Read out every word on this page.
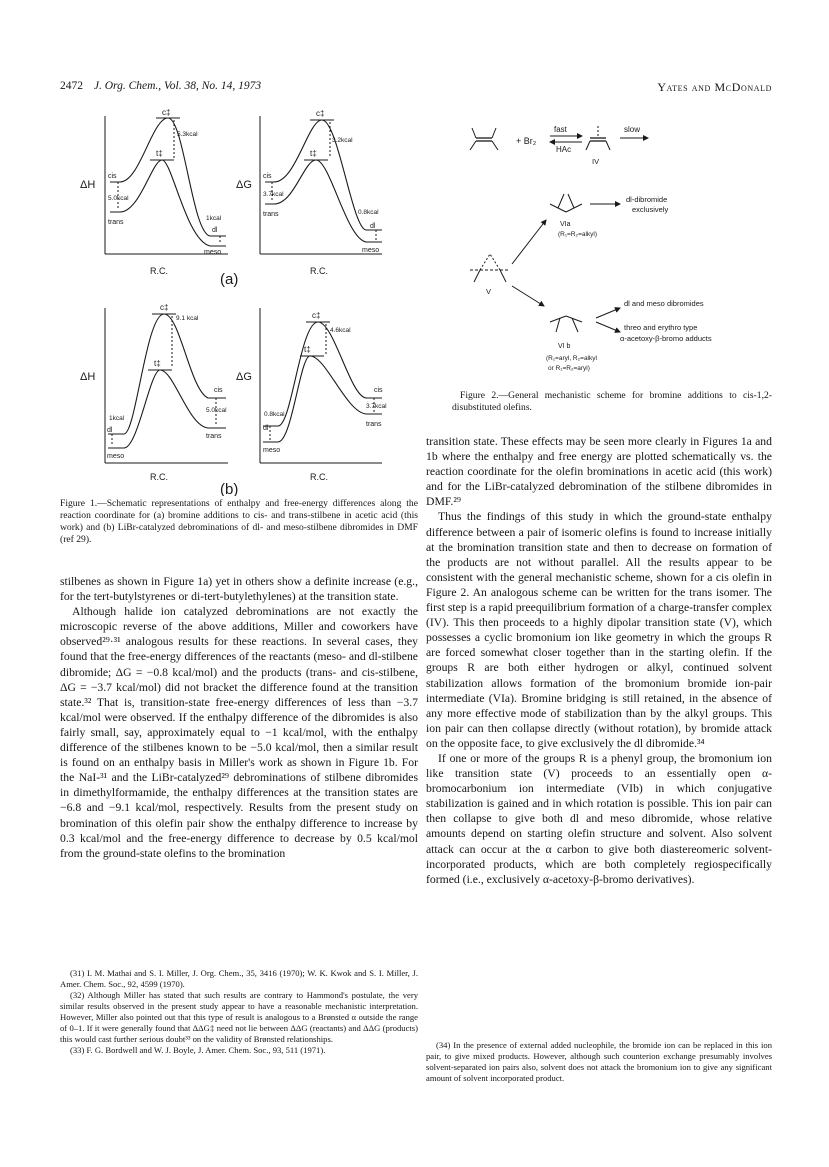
2472 J. Org. Chem., Vol. 38, No. 14, 1973	Yates and McDonald
ΔH
R.C.
c‡
t‡
5.3kcal
cis
5.0kcal
trans
1kcal
dl
meso
ΔG
R.C.
c‡
t‡
3.2kcal
cis
3.7kcal
trans	0.8kcal
dl
meso
(a)
ΔH
R.C.
c‡
t‡
9.1 kcal
1kcal
dl
meso
cis
5.0kcal
trans
ΔG
R.C.
c‡
t‡
4.6kcal
0.8kcal
dl
meso
cis
3.7kcal
trans
(b)
Figure 1.—Schematic representations of enthalpy and free-energy differences along the reaction coordinate for (a) bromine additions to cis- and trans-stilbene in acetic acid (this work) and (b) LiBr-catalyzed debrominations of dl- and meso-stilbene dibromides in DMF (ref 29).
+ Br₂
fast
HAc
slow
IV
VIa
(R₁=R₂=alkyl)
dl-dibromide
exclusively
V
VI b
(R₁=aryl, R₂=alkyl
or R₁=R₂=aryl)
dl and meso dibromides
threo and erythro type
α-acetoxy-β-bromo adducts
Figure 2.—General mechanistic scheme for bromine additions to cis-1,2-disubstituted olefins.

stilbenes as shown in Figure 1a) yet in others show a definite increase (e.g., for the tert-butylstyrenes or di-tert-butylethylenes) at the transition state.

Although halide ion catalyzed debrominations are not exactly the microscopic reverse of the above additions, Miller and coworkers have observed²⁹·³¹ analogous results for these reactions. In several cases, they found that the free-energy differences of the reactants (meso- and dl-stilbene dibromide; ΔG = −0.8 kcal/mol) and the products (trans- and cis-stilbene, ΔG = −3.7 kcal/mol) did not bracket the difference found at the transition state.³² That is, transition-state free-energy differences of less than −3.7 kcal/mol were observed. If the enthalpy difference of the dibromides is also fairly small, say, approximately equal to −1 kcal/mol, with the enthalpy difference of the stilbenes known to be −5.0 kcal/mol, then a similar result is found on an enthalpy basis in Miller's work as shown in Figure 1b. For the NaI-³¹ and the LiBr-catalyzed²⁹ debrominations of stilbene dibromides in dimethylformamide, the enthalpy differences at the transition states are −6.8 and −9.1 kcal/mol, respectively. Results from the present study on bromination of this olefin pair show the enthalpy difference to increase by 0.3 kcal/mol and the free-energy difference to decrease by 0.5 kcal/mol from the ground-state olefins to the bromination

(31) I. M. Mathai and S. I. Miller, J. Org. Chem., 35, 3416 (1970); W. K. Kwok and S. I. Miller, J. Amer. Chem. Soc., 92, 4599 (1970).

(32) Although Miller has stated that such results are contrary to Hammond's postulate, the very similar results observed in the present study appear to have a reasonable mechanistic interpretation. However, Miller also pointed out that this type of result is analogous to a Brønsted α outside the range of 0–1. If it were generally found that ΔΔG‡ need not lie between ΔΔG (reactants) and ΔΔG (products) this would cast further serious doubt³³ on the validity of Brønsted relationships.

(33) F. G. Bordwell and W. J. Boyle, J. Amer. Chem. Soc., 93, 511 (1971).

transition state. These effects may be seen more clearly in Figures 1a and 1b where the enthalpy and free energy are plotted schematically vs. the reaction coordinate for the olefin brominations in acetic acid (this work) and for the LiBr-catalyzed debromination of the stilbene dibromides in DMF.²⁹

Thus the findings of this study in which the ground-state enthalpy difference between a pair of isomeric olefins is found to increase initially at the bromination transition state and then to decrease on formation of the products are not without parallel. All the results appear to be consistent with the general mechanistic scheme, shown for a cis olefin in Figure 2. An analogous scheme can be written for the trans isomer. The first step is a rapid preequilibrium formation of a charge-transfer complex (IV). This then proceeds to a highly dipolar transition state (V), which possesses a cyclic bromonium ion like geometry in which the groups R are forced somewhat closer together than in the starting olefin. If the groups R are both either hydrogen or alkyl, continued solvent stabilization allows formation of the bromonium bromide ion-pair intermediate (VIa). Bromine bridging is still retained, in the absence of any more effective mode of stabilization than by the alkyl groups. This ion pair can then collapse directly (without rotation), by bromide attack on the opposite face, to give exclusively the dl dibromide.³⁴

If one or more of the groups R is a phenyl group, the bromonium ion like transition state (V) proceeds to an essentially open α-bromocarbonium ion intermediate (VIb) in which conjugative stabilization is gained and in which rotation is possible. This ion pair can then collapse to give both dl and meso dibromide, whose relative amounts depend on starting olefin structure and solvent. Also solvent attack can occur at the α carbon to give both diastereomeric solvent-incorporated products, which are both completely regiospecifically formed (i.e., exclusively α-acetoxy-β-bromo derivatives).

(34) In the presence of external added nucleophile, the bromide ion can be replaced in this ion pair, to give mixed products. However, although such counterion exchange presumably involves solvent-separated ion pairs also, solvent does not attack the bromonium ion to give any significant amount of solvent incorporated product.
